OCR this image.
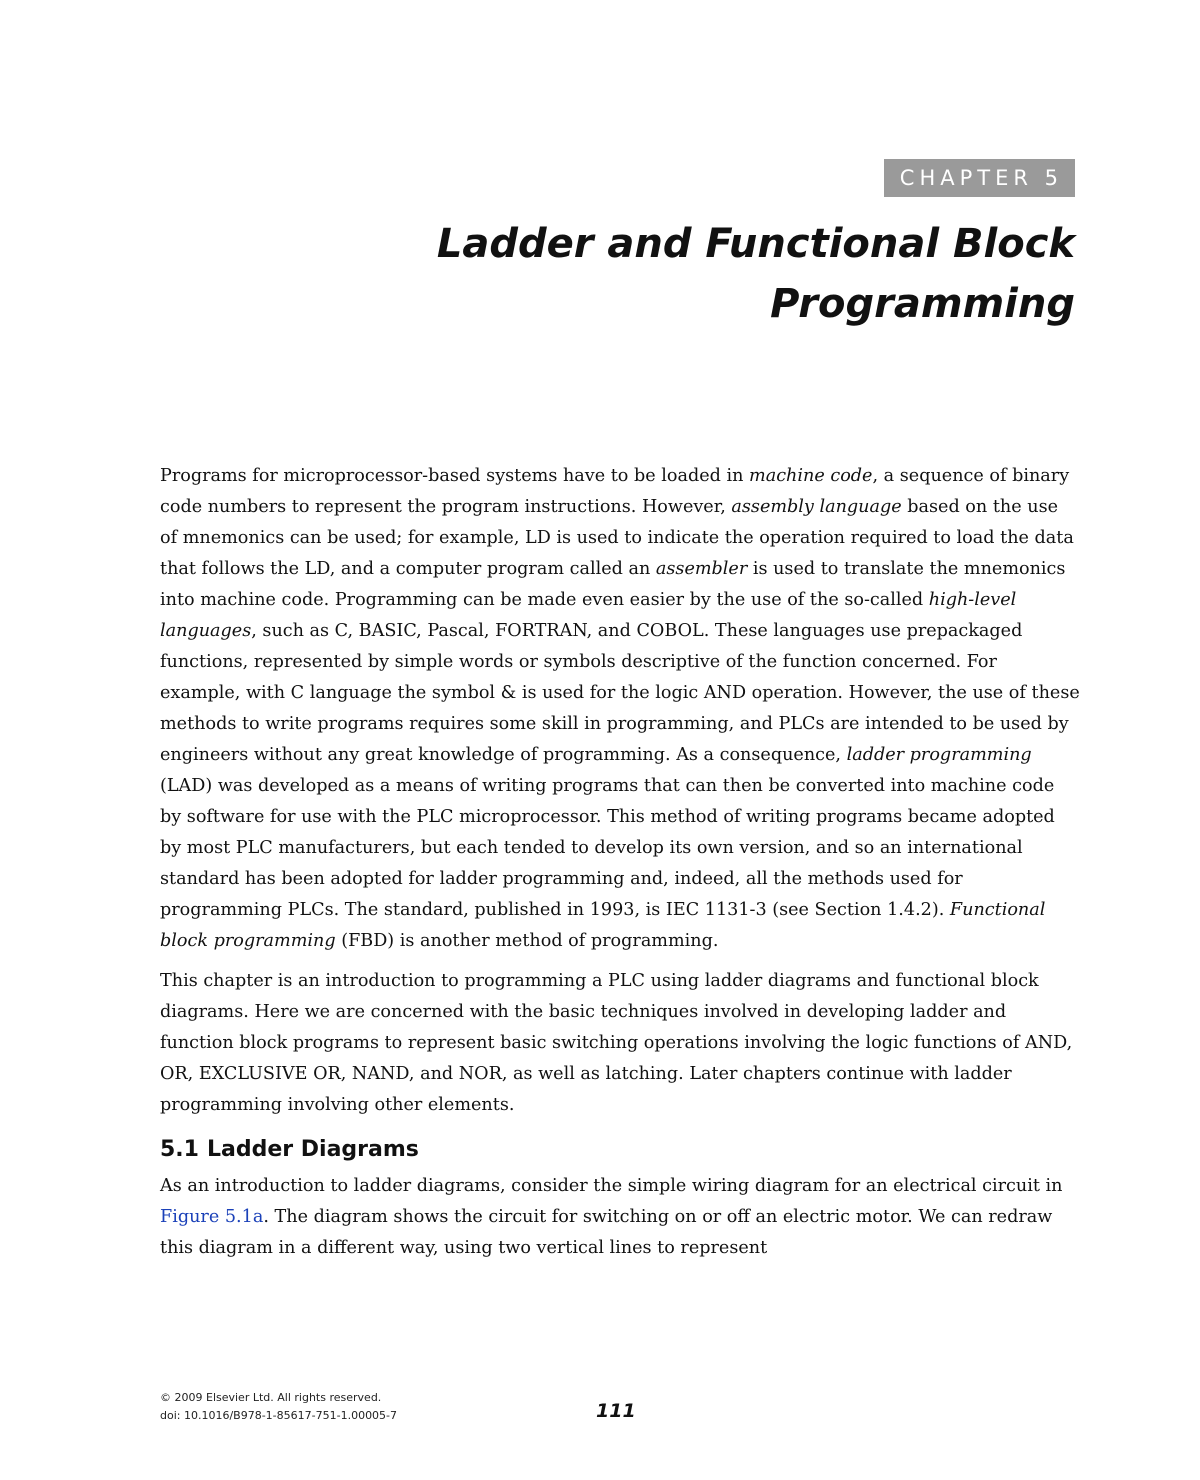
CHAPTER 5
Ladder and Functional Block
Programming

Programs for microprocessor-based systems have to be loaded in machine code, a sequence of binary code numbers to represent the program instructions. However, assembly language based on the use of mnemonics can be used; for example, LD is used to indicate the operation required to load the data that follows the LD, and a computer program called an assembler is used to translate the mnemonics into machine code. Programming can be made even easier by the use of the so-called high-level languages, such as C, BASIC, Pascal, FORTRAN, and COBOL. These languages use prepackaged functions, represented by simple words or symbols descriptive of the function concerned. For example, with C language the symbol & is used for the logic AND operation. However, the use of these methods to write programs requires some skill in programming, and PLCs are intended to be used by engineers without any great knowledge of programming. As a consequence, ladder programming (LAD) was developed as a means of writing programs that can then be converted into machine code by software for use with the PLC microprocessor. This method of writing programs became adopted by most PLC manufacturers, but each tended to develop its own version, and so an international standard has been adopted for ladder programming and, indeed, all the methods used for programming PLCs. The standard, published in 1993, is IEC 1131-3 (see Section 1.4.2). Functional block programming (FBD) is another method of programming.

This chapter is an introduction to programming a PLC using ladder diagrams and functional block diagrams. Here we are concerned with the basic techniques involved in developing ladder and function block programs to represent basic switching operations involving the logic functions of AND, OR, EXCLUSIVE OR, NAND, and NOR, as well as latching. Later chapters continue with ladder programming involving other elements.

5.1 Ladder Diagrams

As an introduction to ladder diagrams, consider the simple wiring diagram for an electrical circuit in Figure 5.1a. The diagram shows the circuit for switching on or off an electric motor. We can redraw this diagram in a different way, using two vertical lines to represent

© 2009 Elsevier Ltd. All rights reserved.
doi: 10.1016/B978-1-85617-751-1.00005-7	111
